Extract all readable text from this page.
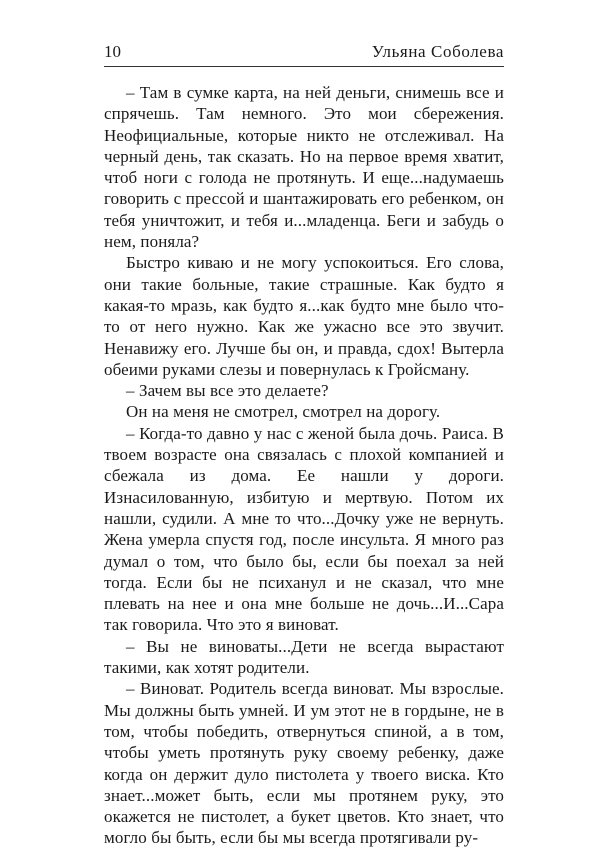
10	Ульяна Соболева

– Там в сумке карта, на ней деньги, снимешь все и спрячешь. Там немного. Это мои сбережения. Неофициальные, которые никто не отслеживал. На черный день, так сказать. Но на первое время хватит, чтоб ноги с голода не протянуть. И еще...надумаешь говорить с прессой и шантажировать его ребенком, он тебя уничтожит, и тебя и...младенца. Беги и забудь о нем, поняла?

Быстро киваю и не могу успокоиться. Его слова, они такие больные, такие страшные. Как будто я какая-то мразь, как будто я...как будто мне было что-то от него нужно. Как же ужасно все это звучит. Ненавижу его. Лучше бы он, и правда, сдох! Вытерла обеими руками слезы и повернулась к Гройсману.

– Зачем вы все это делаете?

Он на меня не смотрел, смотрел на дорогу.

– Когда-то давно у нас с женой была дочь. Раиса. В твоем возрасте она связалась с плохой компанией и сбежала из дома. Ее нашли у дороги. Изнасилованную, избитую и мертвую. Потом их нашли, судили. А мне то что...Дочку уже не вернуть. Жена умерла спустя год, после инсульта. Я много раз думал о том, что было бы, если бы поехал за ней тогда. Если бы не психанул и не сказал, что мне плевать на нее и она мне больше не дочь...И...Сара так говорила. Что это я виноват.

– Вы не виноваты...Дети не всегда вырастают такими, как хотят родители.

– Виноват. Родитель всегда виноват. Мы взрослые. Мы должны быть умней. И ум этот не в гордыне, не в том, чтобы победить, отвернуться спиной, а в том, чтобы уметь протянуть руку своему ребенку, даже когда он держит дуло пистолета у твоего виска. Кто знает...может быть, если мы протянем руку, это окажется не пистолет, а букет цветов. Кто знает, что могло бы быть, если бы мы всегда протягивали ру-
